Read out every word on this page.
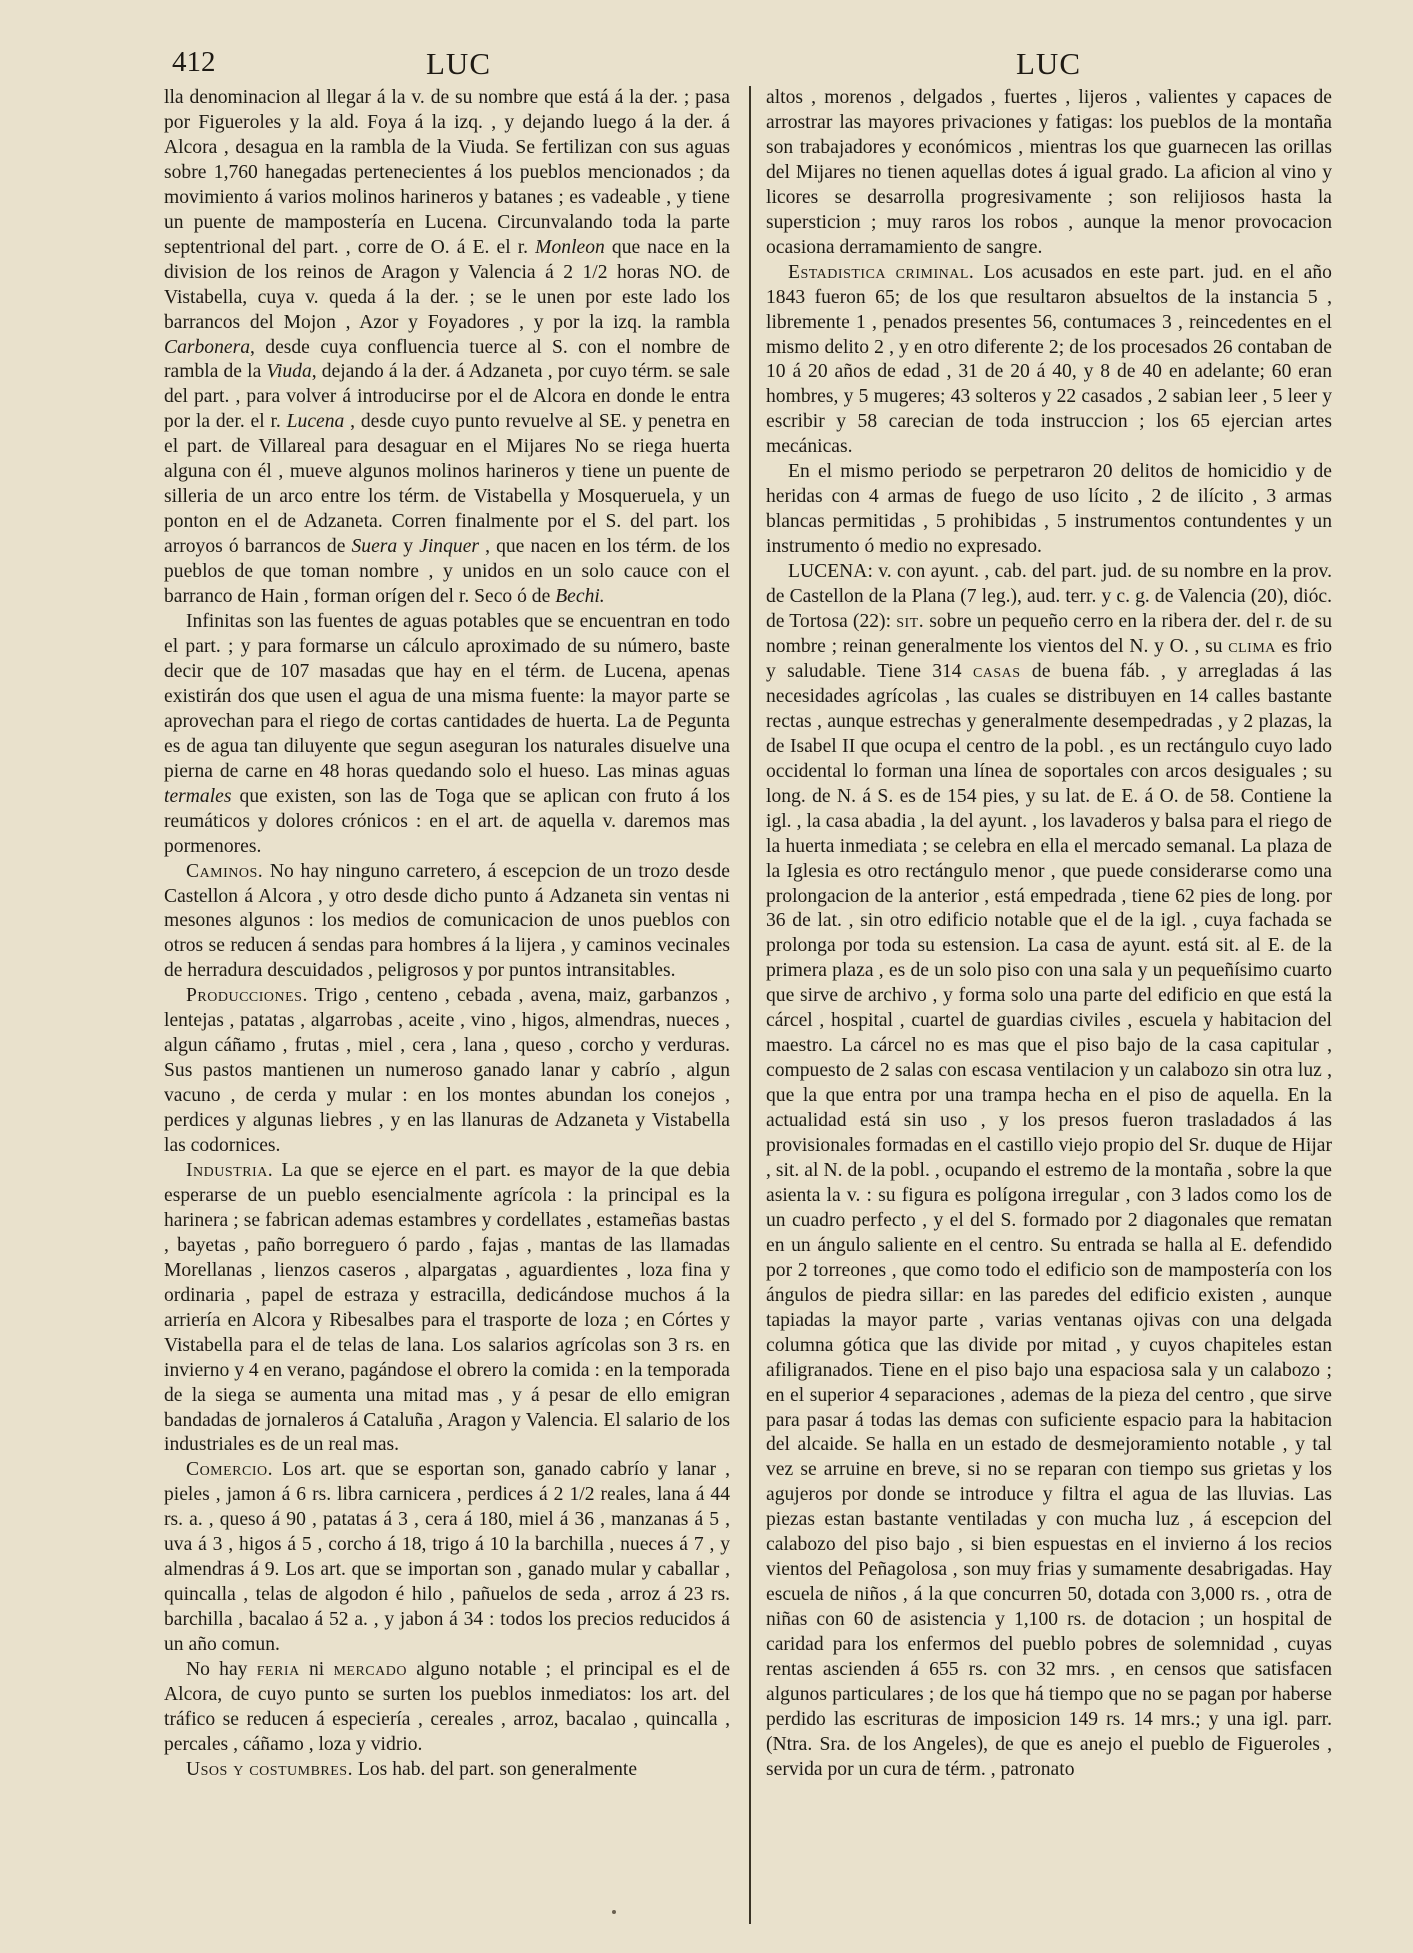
412	LUC	LUC

lla denominacion al llegar á la v. de su nombre que está á la der. ; pasa por Figueroles y la ald. Foya á la izq. , y dejando luego á la der. á Alcora , desagua en la rambla de la Viuda. Se fertilizan con sus aguas sobre 1,760 hanegadas pertenecientes á los pueblos mencionados ; da movimiento á varios molinos harineros y batanes ; es vadeable , y tiene un puente de mampostería en Lucena. Circunvalando toda la parte septentrional del part. , corre de O. á E. el r. Monleon que nace en la division de los reinos de Aragon y Valencia á 2 1/2 horas NO. de Vistabella, cuya v. queda á la der. ; se le unen por este lado los barrancos del Mojon , Azor y Foyadores , y por la izq. la rambla Carbonera, desde cuya confluencia tuerce al S. con el nombre de rambla de la Viuda, dejando á la der. á Adzaneta , por cuyo térm. se sale del part. , para volver á introducirse por el de Alcora en donde le entra por la der. el r. Lucena , desde cuyo punto revuelve al SE. y penetra en el part. de Villareal para desaguar en el Mijares No se riega huerta alguna con él , mueve algunos molinos harineros y tiene un puente de silleria de un arco entre los térm. de Vistabella y Mosqueruela, y un ponton en el de Adzaneta. Corren finalmente por el S. del part. los arroyos ó barrancos de Suera y Jinquer , que nacen en los térm. de los pueblos de que toman nombre , y unidos en un solo cauce con el barranco de Hain , forman orígen del r. Seco ó de Bechi.

Infinitas son las fuentes de aguas potables que se encuentran en todo el part. ; y para formarse un cálculo aproximado de su número, baste decir que de 107 masadas que hay en el térm. de Lucena, apenas existirán dos que usen el agua de una misma fuente: la mayor parte se aprovechan para el riego de cortas cantidades de huerta. La de Pegunta es de agua tan diluyente que segun aseguran los naturales disuelve una pierna de carne en 48 horas quedando solo el hueso. Las minas aguas termales que existen, son las de Toga que se aplican con fruto á los reumáticos y dolores crónicos : en el art. de aquella v. daremos mas pormenores.

Caminos. No hay ninguno carretero, á escepcion de un trozo desde Castellon á Alcora , y otro desde dicho punto á Adzaneta sin ventas ni mesones algunos : los medios de comunicacion de unos pueblos con otros se reducen á sendas para hombres á la lijera , y caminos vecinales de herradura descuidados , peligrosos y por puntos intransitables.

Producciones. Trigo , centeno , cebada , avena, maiz, garbanzos , lentejas , patatas , algarrobas , aceite , vino , higos, almendras, nueces , algun cáñamo , frutas , miel , cera , lana , queso , corcho y verduras. Sus pastos mantienen un numeroso ganado lanar y cabrío , algun vacuno , de cerda y mular : en los montes abundan los conejos , perdices y algunas liebres , y en las llanuras de Adzaneta y Vistabella las codornices.

Industria. La que se ejerce en el part. es mayor de la que debia esperarse de un pueblo esencialmente agrícola : la principal es la harinera ; se fabrican ademas estambres y cordellates , estameñas bastas , bayetas , paño borreguero ó pardo , fajas , mantas de las llamadas Morellanas , lienzos caseros , alpargatas , aguardientes , loza fina y ordinaria , papel de estraza y estracilla, dedicándose muchos á la arriería en Alcora y Ribesalbes para el trasporte de loza ; en Córtes y Vistabella para el de telas de lana. Los salarios agrícolas son 3 rs. en invierno y 4 en verano, pagándose el obrero la comida : en la temporada de la siega se aumenta una mitad mas , y á pesar de ello emigran bandadas de jornaleros á Cataluña , Aragon y Valencia. El salario de los industriales es de un real mas.

Comercio. Los art. que se esportan son, ganado cabrío y lanar , pieles , jamon á 6 rs. libra carnicera , perdices á 2 1/2 reales, lana á 44 rs. a. , queso á 90 , patatas á 3 , cera á 180, miel á 36 , manzanas á 5 , uva á 3 , higos á 5 , corcho á 18, trigo á 10 la barchilla , nueces á 7 , y almendras á 9. Los art. que se importan son , ganado mular y caballar , quincalla , telas de algodon é hilo , pañuelos de seda , arroz á 23 rs. barchilla , bacalao á 52 a. , y jabon á 34 : todos los precios reducidos á un año comun.

No hay feria ni mercado alguno notable ; el principal es el de Alcora, de cuyo punto se surten los pueblos inmediatos: los art. del tráfico se reducen á especiería , cereales , arroz, bacalao , quincalla , percales , cáñamo , loza y vidrio.

Usos y costumbres. Los hab. del part. son generalmente

altos , morenos , delgados , fuertes , lijeros , valientes y capaces de arrostrar las mayores privaciones y fatigas: los pueblos de la montaña son trabajadores y económicos , mientras los que guarnecen las orillas del Mijares no tienen aquellas dotes á igual grado. La aficion al vino y licores se desarrolla progresivamente ; son relijiosos hasta la supersticion ; muy raros los robos , aunque la menor provocacion ocasiona derramamiento de sangre.

Estadistica criminal. Los acusados en este part. jud. en el año 1843 fueron 65; de los que resultaron absueltos de la instancia 5 , libremente 1 , penados presentes 56, contumaces 3 , reincedentes en el mismo delito 2 , y en otro diferente 2; de los procesados 26 contaban de 10 á 20 años de edad , 31 de 20 á 40, y 8 de 40 en adelante; 60 eran hombres, y 5 mugeres; 43 solteros y 22 casados , 2 sabian leer , 5 leer y escribir y 58 carecian de toda instruccion ; los 65 ejercian artes mecánicas.

En el mismo periodo se perpetraron 20 delitos de homicidio y de heridas con 4 armas de fuego de uso lícito , 2 de ilícito , 3 armas blancas permitidas , 5 prohibidas , 5 instrumentos contundentes y un instrumento ó medio no expresado.

LUCENA: v. con ayunt. , cab. del part. jud. de su nombre en la prov. de Castellon de la Plana (7 leg.), aud. terr. y c. g. de Valencia (20), dióc. de Tortosa (22): sit. sobre un pequeño cerro en la ribera der. del r. de su nombre ; reinan generalmente los vientos del N. y O. , su clima es frio y saludable. Tiene 314 casas de buena fáb. , y arregladas á las necesidades agrícolas , las cuales se distribuyen en 14 calles bastante rectas , aunque estrechas y generalmente desempedradas , y 2 plazas, la de Isabel II que ocupa el centro de la pobl. , es un rectángulo cuyo lado occidental lo forman una línea de soportales con arcos desiguales ; su long. de N. á S. es de 154 pies, y su lat. de E. á O. de 58. Contiene la igl. , la casa abadia , la del ayunt. , los lavaderos y balsa para el riego de la huerta inmediata ; se celebra en ella el mercado semanal. La plaza de la Iglesia es otro rectángulo menor , que puede considerarse como una prolongacion de la anterior , está empedrada , tiene 62 pies de long. por 36 de lat. , sin otro edificio notable que el de la igl. , cuya fachada se prolonga por toda su estension. La casa de ayunt. está sit. al E. de la primera plaza , es de un solo piso con una sala y un pequeñísimo cuarto que sirve de archivo , y forma solo una parte del edificio en que está la cárcel , hospital , cuartel de guardias civiles , escuela y habitacion del maestro. La cárcel no es mas que el piso bajo de la casa capitular , compuesto de 2 salas con escasa ventilacion y un calabozo sin otra luz , que la que entra por una trampa hecha en el piso de aquella. En la actualidad está sin uso , y los presos fueron trasladados á las provisionales formadas en el castillo viejo propio del Sr. duque de Hijar , sit. al N. de la pobl. , ocupando el estremo de la montaña , sobre la que asienta la v. : su figura es polígona irregular , con 3 lados como los de un cuadro perfecto , y el del S. formado por 2 diagonales que rematan en un ángulo saliente en el centro. Su entrada se halla al E. defendido por 2 torreones , que como todo el edificio son de mampostería con los ángulos de piedra sillar: en las paredes del edificio existen , aunque tapiadas la mayor parte , varias ventanas ojivas con una delgada columna gótica que las divide por mitad , y cuyos chapiteles estan afiligranados. Tiene en el piso bajo una espaciosa sala y un calabozo ; en el superior 4 separaciones , ademas de la pieza del centro , que sirve para pasar á todas las demas con suficiente espacio para la habitacion del alcaide. Se halla en un estado de desmejoramiento notable , y tal vez se arruine en breve, si no se reparan con tiempo sus grietas y los agujeros por donde se introduce y filtra el agua de las lluvias. Las piezas estan bastante ventiladas y con mucha luz , á escepcion del calabozo del piso bajo , si bien espuestas en el invierno á los recios vientos del Peñagolosa , son muy frias y sumamente desabrigadas. Hay escuela de niños , á la que concurren 50, dotada con 3,000 rs. , otra de niñas con 60 de asistencia y 1,100 rs. de dotacion ; un hospital de caridad para los enfermos del pueblo pobres de solemnidad , cuyas rentas ascienden á 655 rs. con 32 mrs. , en censos que satisfacen algunos particulares ; de los que há tiempo que no se pagan por haberse perdido las escrituras de imposicion 149 rs. 14 mrs.; y una igl. parr. (Ntra. Sra. de los Angeles), de que es anejo el pueblo de Figueroles , servida por un cura de térm. , patronato
